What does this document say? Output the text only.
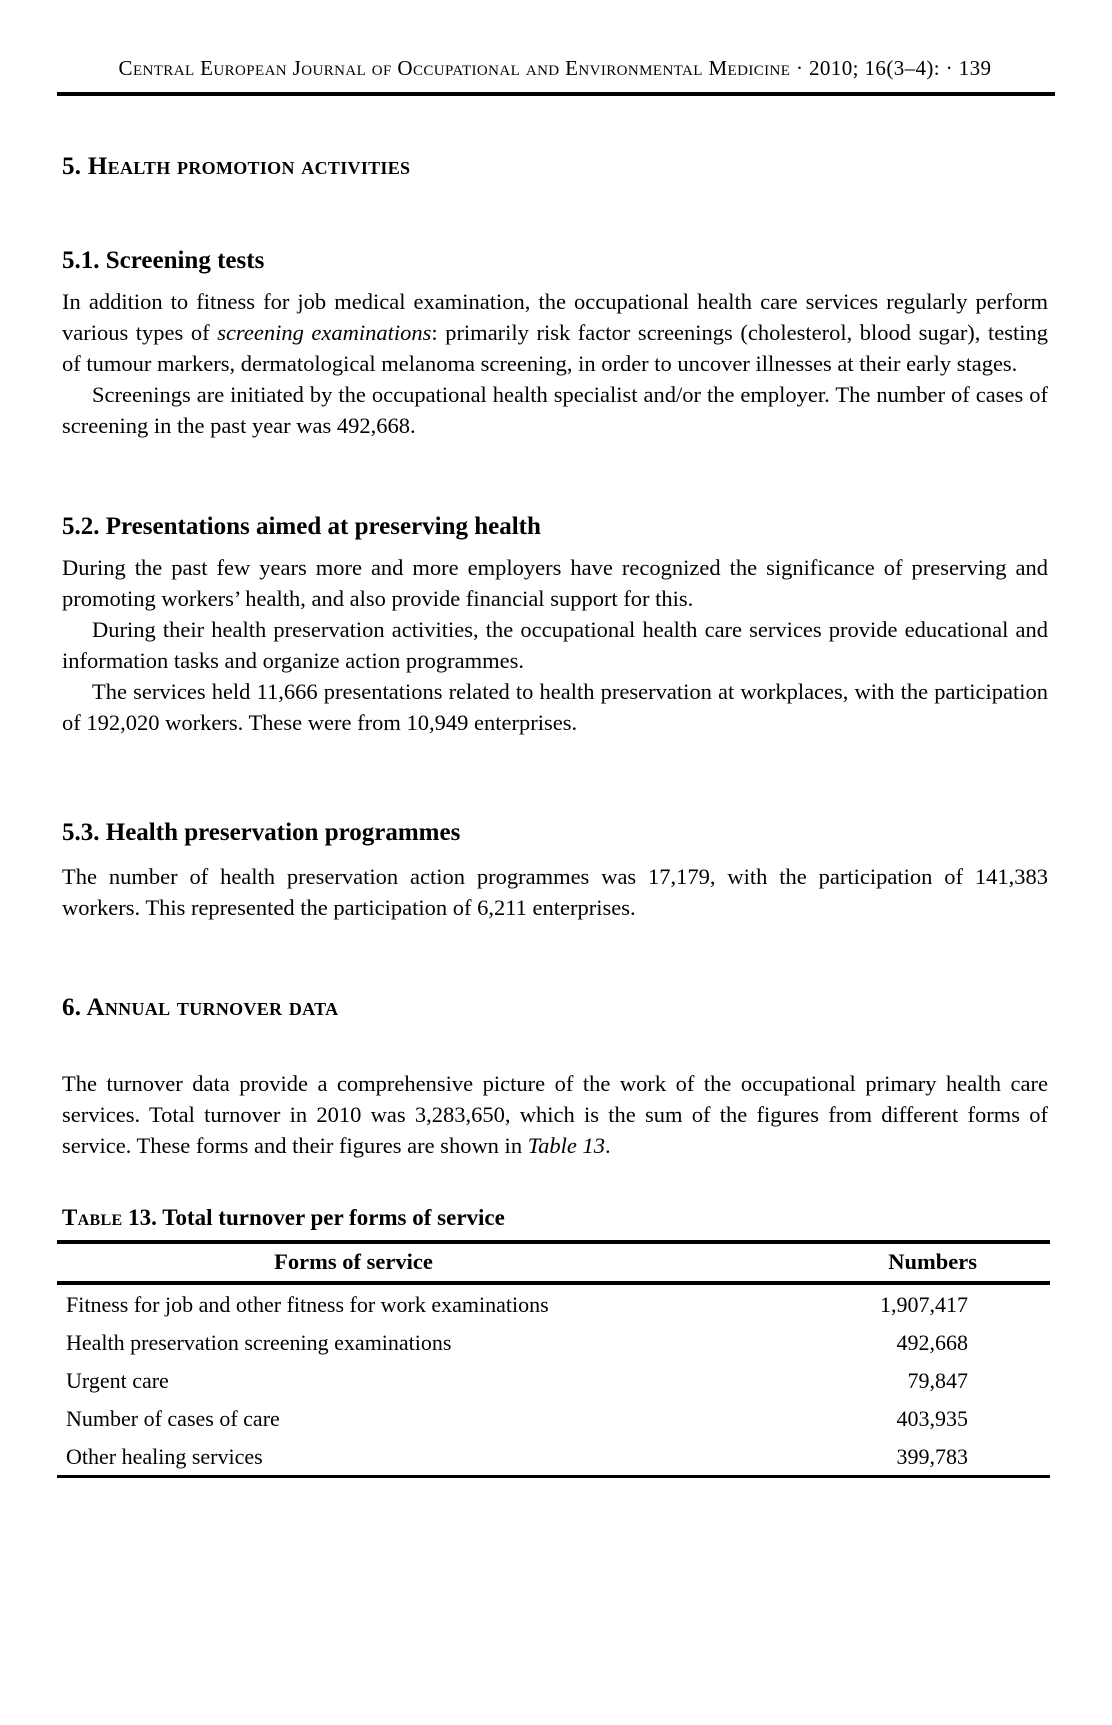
Central European Journal of Occupational and Environmental Medicine · 2010; 16(3–4): · 139
5. Health promotion activities
5.1. Screening tests

In addition to fitness for job medical examination, the occupational health care services regularly perform various types of screening examinations: primarily risk factor screenings (cholesterol, blood sugar), testing of tumour markers, dermatological melanoma screening, in order to uncover illnesses at their early stages.

Screenings are initiated by the occupational health specialist and/or the employer. The number of cases of screening in the past year was 492,668.

5.2. Presentations aimed at preserving health

During the past few years more and more employers have recognized the significance of preserving and promoting workers’ health, and also provide financial support for this.

During their health preservation activities, the occupational health care services provide educational and information tasks and organize action programmes.

The services held 11,666 presentations related to health preservation at workplaces, with the participation of 192,020 workers. These were from 10,949 enterprises.

5.3. Health preservation programmes

The number of health preservation action programmes was 17,179, with the participation of 141,383 workers. This represented the participation of 6,211 enterprises.

6. Annual turnover data

The turnover data provide a comprehensive picture of the work of the occupational primary health care services. Total turnover in 2010 was 3,283,650, which is the sum of the figures from different forms of service. These forms and their figures are shown in Table 13.

Table 13. Total turnover per forms of service
Forms of service	Numbers
Fitness for job and other fitness for work examinations	1,907,417
Health preservation screening examinations	492,668
Urgent care	79,847
Number of cases of care	403,935
Other healing services	399,783
